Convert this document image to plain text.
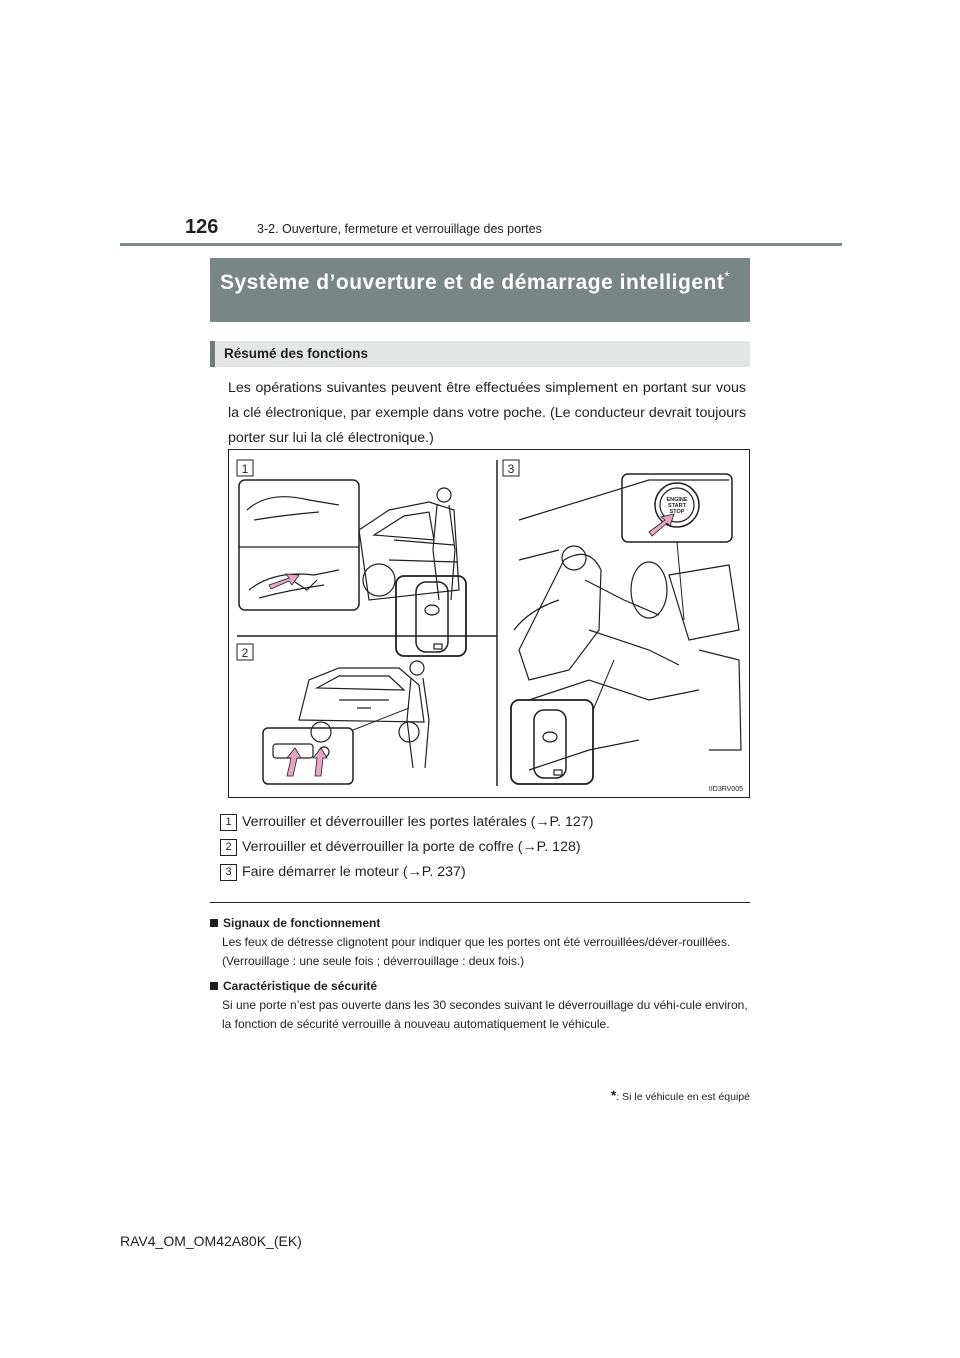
126	3-2. Ouverture, fermeture et verrouillage des portes
Système d’ouverture et de démarrage intelligent*
Résumé des fonctions
Les opérations suivantes peuvent être effectuées simplement en portant sur vous la clé électronique, par exemple dans votre poche. (Le conducteur devrait toujours porter sur lui la clé électronique.)
1
2
3
ENGINE
START
STOP
IID3RV005
1 Verrouiller et déverrouiller les portes latérales (→P. 127)
2 Verrouiller et déverrouiller la porte de coffre (→P. 128)
3 Faire démarrer le moteur (→P. 237)
Signaux de fonctionnement
Les feux de détresse clignotent pour indiquer que les portes ont été verrouillées/déver-rouillées. (Verrouillage : une seule fois ; déverrouillage : deux fois.)
Caractéristique de sécurité
Si une porte n’est pas ouverte dans les 30 secondes suivant le déverrouillage du véhi-cule environ, la fonction de sécurité verrouille à nouveau automatiquement le véhicule.
*: Si le véhicule en est équipé
RAV4_OM_OM42A80K_(EK)
